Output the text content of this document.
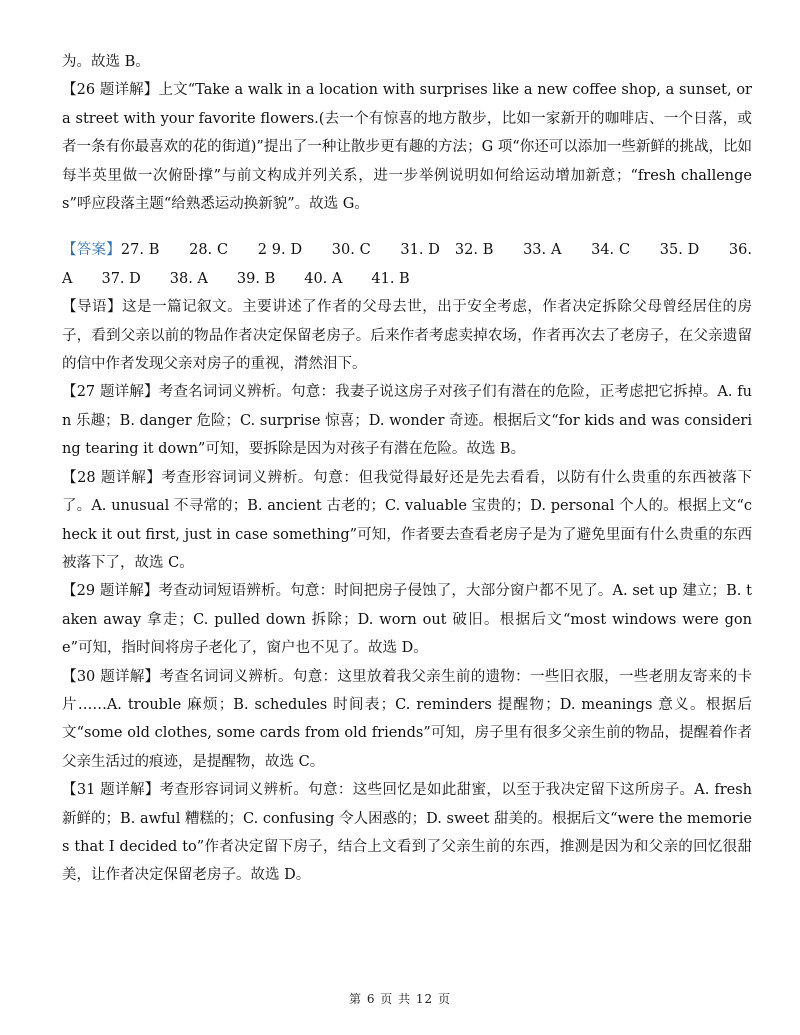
为。故选 B。

【26 题详解】上文“Take a walk in a location with surprises like a new coffee shop, a sunset, or a street with your favorite flowers.(去一个有惊喜的地方散步，比如一家新开的咖啡店、一个日落，或者一条有你最喜欢的花的街道)”提出了一种让散步更有趣的方法；G 项“你还可以添加一些新鲜的挑战，比如每半英里做一次俯卧撑”与前文构成并列关系，进一步举例说明如何给运动增加新意；“fresh challenges”呼应段落主题“给熟悉运动换新貌”。故选 G。

【答案】27. B　　28. C　　2 9. D　　30. C　　31. D　32. B　　33. A　　34. C　　35. D　　36. A　　37. D　　38. A　　39. B　　40. A　　41. B

【导语】这是一篇记叙文。主要讲述了作者的父母去世，出于安全考虑，作者决定拆除父母曾经居住的房子，看到父亲以前的物品作者决定保留老房子。后来作者考虑卖掉农场，作者再次去了老房子，在父亲遗留的信中作者发现父亲对房子的重视，潸然泪下。

【27 题详解】考查名词词义辨析。句意：我妻子说这房子对孩子们有潜在的危险，正考虑把它拆掉。A. fun 乐趣；B. danger 危险；C. surprise 惊喜；D. wonder 奇迹。根据后文“for kids and was considering tearing it down”可知，要拆除是因为对孩子有潜在危险。故选 B。

【28 题详解】考查形容词词义辨析。句意：但我觉得最好还是先去看看，以防有什么贵重的东西被落下了。A. unusual 不寻常的；B. ancient 古老的；C. valuable 宝贵的；D. personal 个人的。根据上文“check it out first, just in case something”可知，作者要去查看老房子是为了避免里面有什么贵重的东西被落下了，故选 C。

【29 题详解】考查动词短语辨析。句意：时间把房子侵蚀了，大部分窗户都不见了。A. set up 建立；B. taken away 拿走；C. pulled down 拆除；D. worn out 破旧。根据后文“most windows were gone”可知，指时间将房子老化了，窗户也不见了。故选 D。

【30 题详解】考查名词词义辨析。句意：这里放着我父亲生前的遗物：一些旧衣服，一些老朋友寄来的卡片……A. trouble 麻烦；B. schedules 时间表；C. reminders 提醒物；D. meanings 意义。根据后文“some old clothes, some cards from old friends”可知，房子里有很多父亲生前的物品，提醒着作者父亲生活过的痕迹，是提醒物，故选 C。

【31 题详解】考查形容词词义辨析。句意：这些回忆是如此甜蜜，以至于我决定留下这所房子。A. fresh 新鲜的；B. awful 糟糕的；C. confusing 令人困惑的；D. sweet 甜美的。根据后文“were the memories that I decided to”作者决定留下房子，结合上文看到了父亲生前的东西，推测是因为和父亲的回忆很甜美，让作者决定保留老房子。故选 D。

第 6 页 共 12 页
